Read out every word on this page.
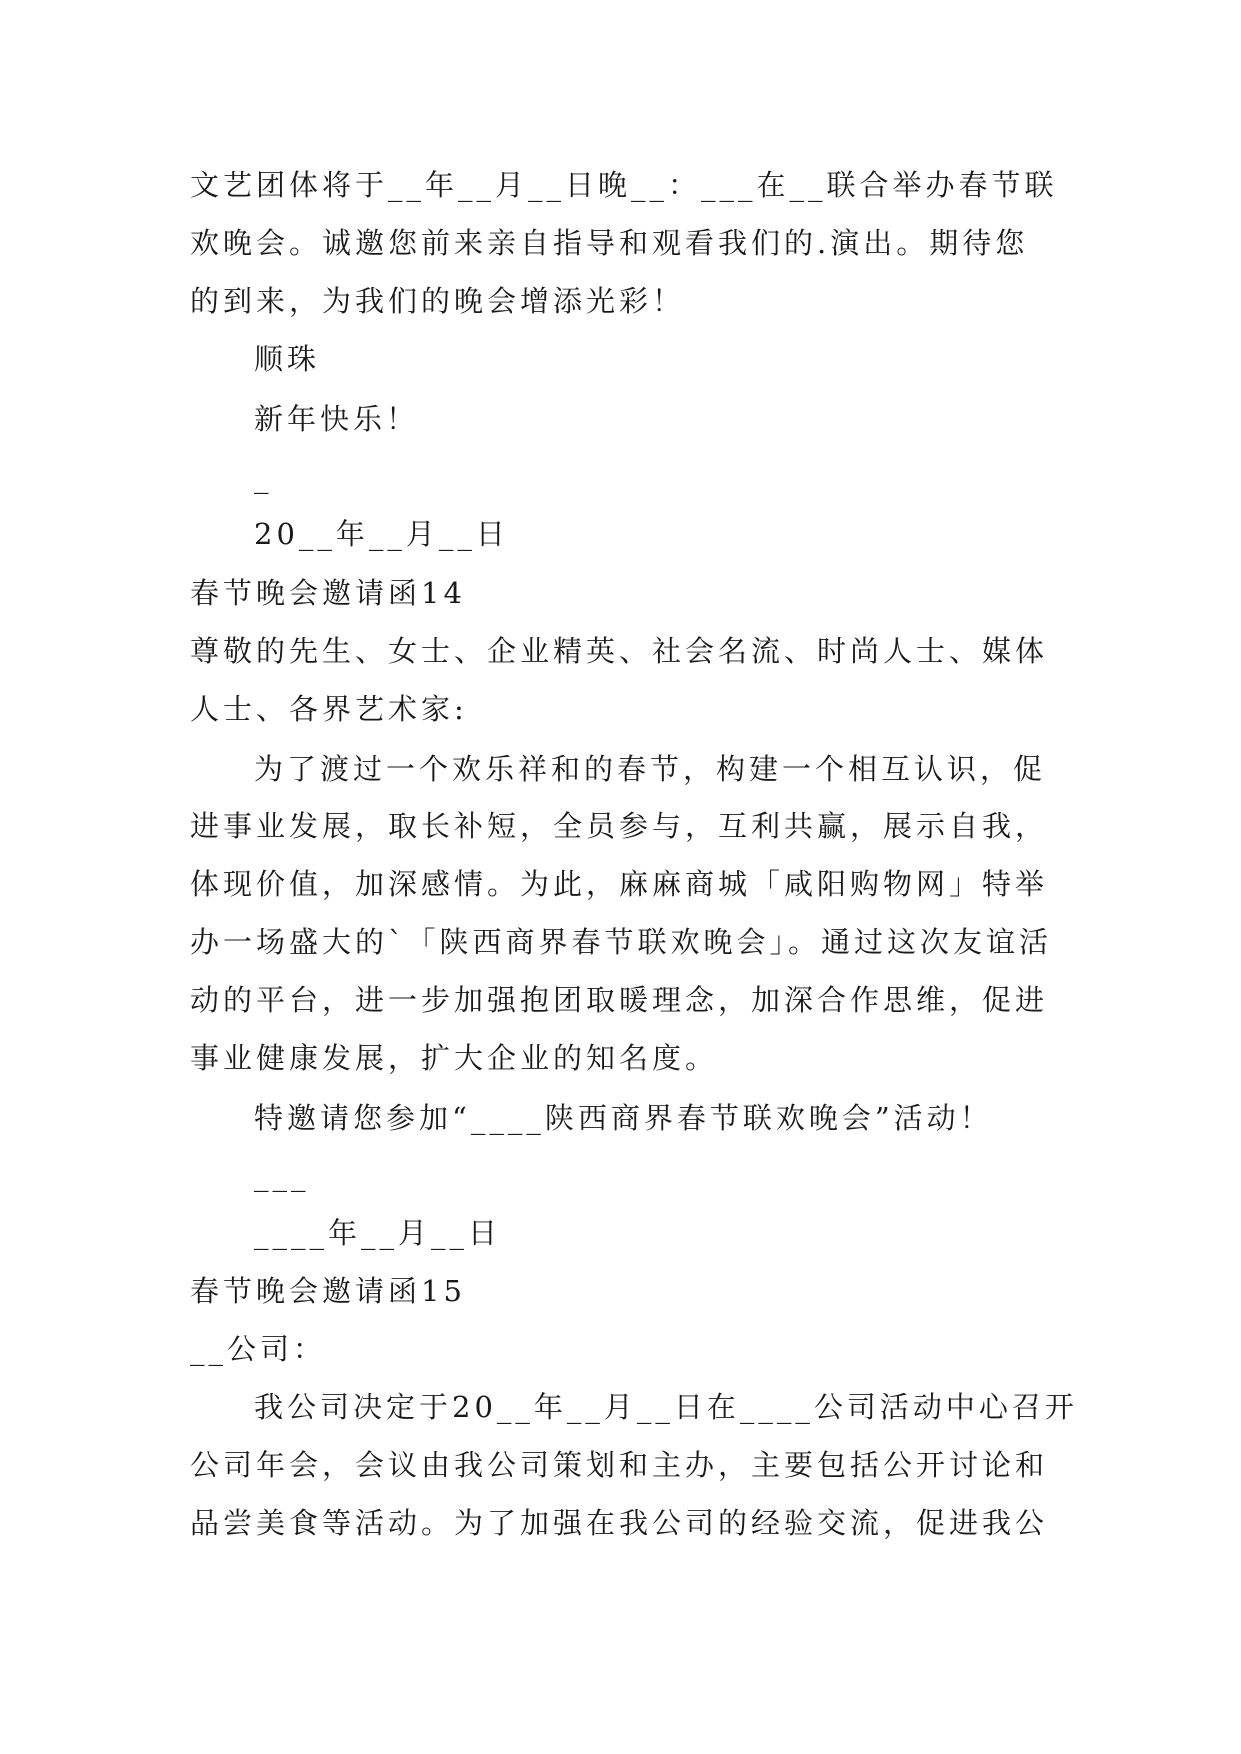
文艺团体将于__年__月__日晚__：___在__联合举办春节联
欢晚会。诚邀您前来亲自指导和观看我们的.演出。期待您
的到来，为我们的晚会增添光彩！
顺珠
新年快乐！
_
20__年__月__日
春节晚会邀请函14
尊敬的先生、女士、企业精英、社会名流、时尚人士、媒体
人士、各界艺术家:
为了渡过一个欢乐祥和的春节，构建一个相互认识，促
进事业发展，取长补短，全员参与，互利共赢，展示自我，
体现价值，加深感情。为此，麻麻商城「咸阳购物网」特举
办一场盛大的`「陕西商界春节联欢晚会」。通过这次友谊活
动的平台，进一步加强抱团取暖理念，加深合作思维，促进
事业健康发展，扩大企业的知名度。
特邀请您参加“____陕西商界春节联欢晚会”活动！
___
____年__月__日
春节晚会邀请函15
__公司：
我公司决定于20__年__月__日在____公司活动中心召开
公司年会，会议由我公司策划和主办，主要包括公开讨论和
品尝美食等活动。为了加强在我公司的经验交流，促进我公
